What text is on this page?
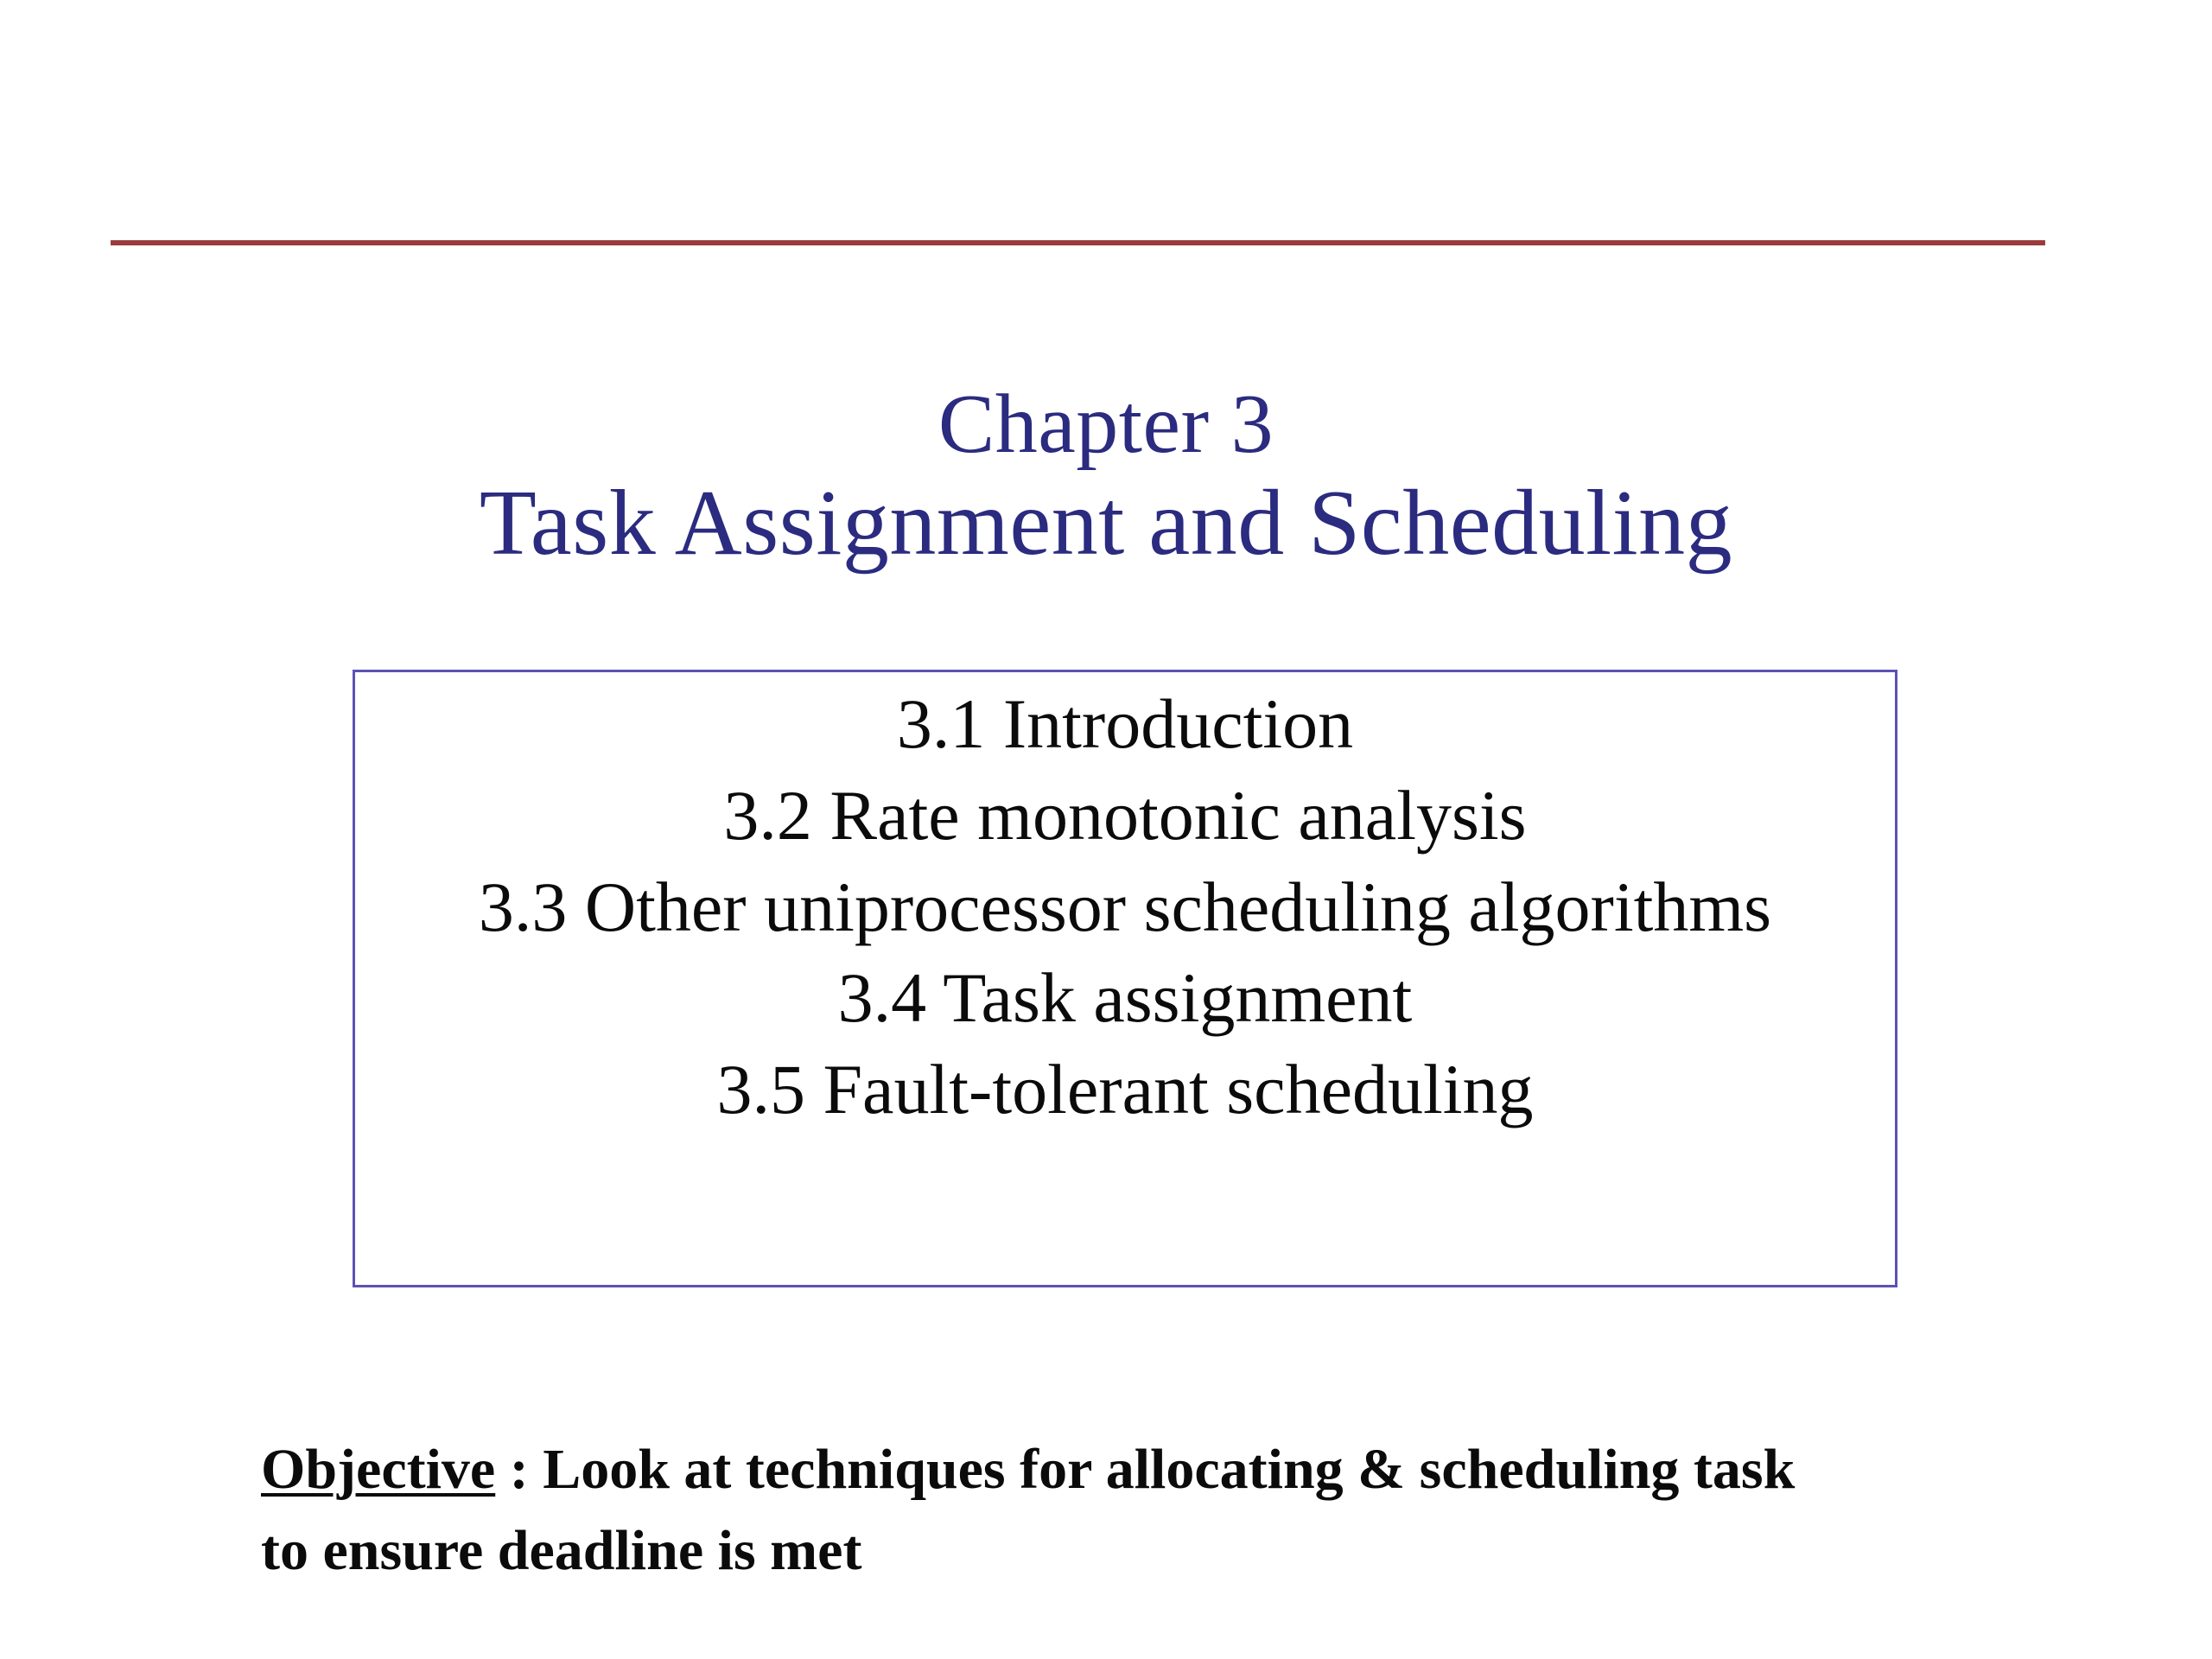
Chapter 3
Task Assignment and Scheduling
3.1 Introduction
3.2 Rate monotonic analysis
3.3 Other uniprocessor scheduling algorithms
3.4 Task assignment
3.5 Fault-tolerant scheduling

Objective : Look at techniques for allocating & scheduling task to ensure deadline is met
